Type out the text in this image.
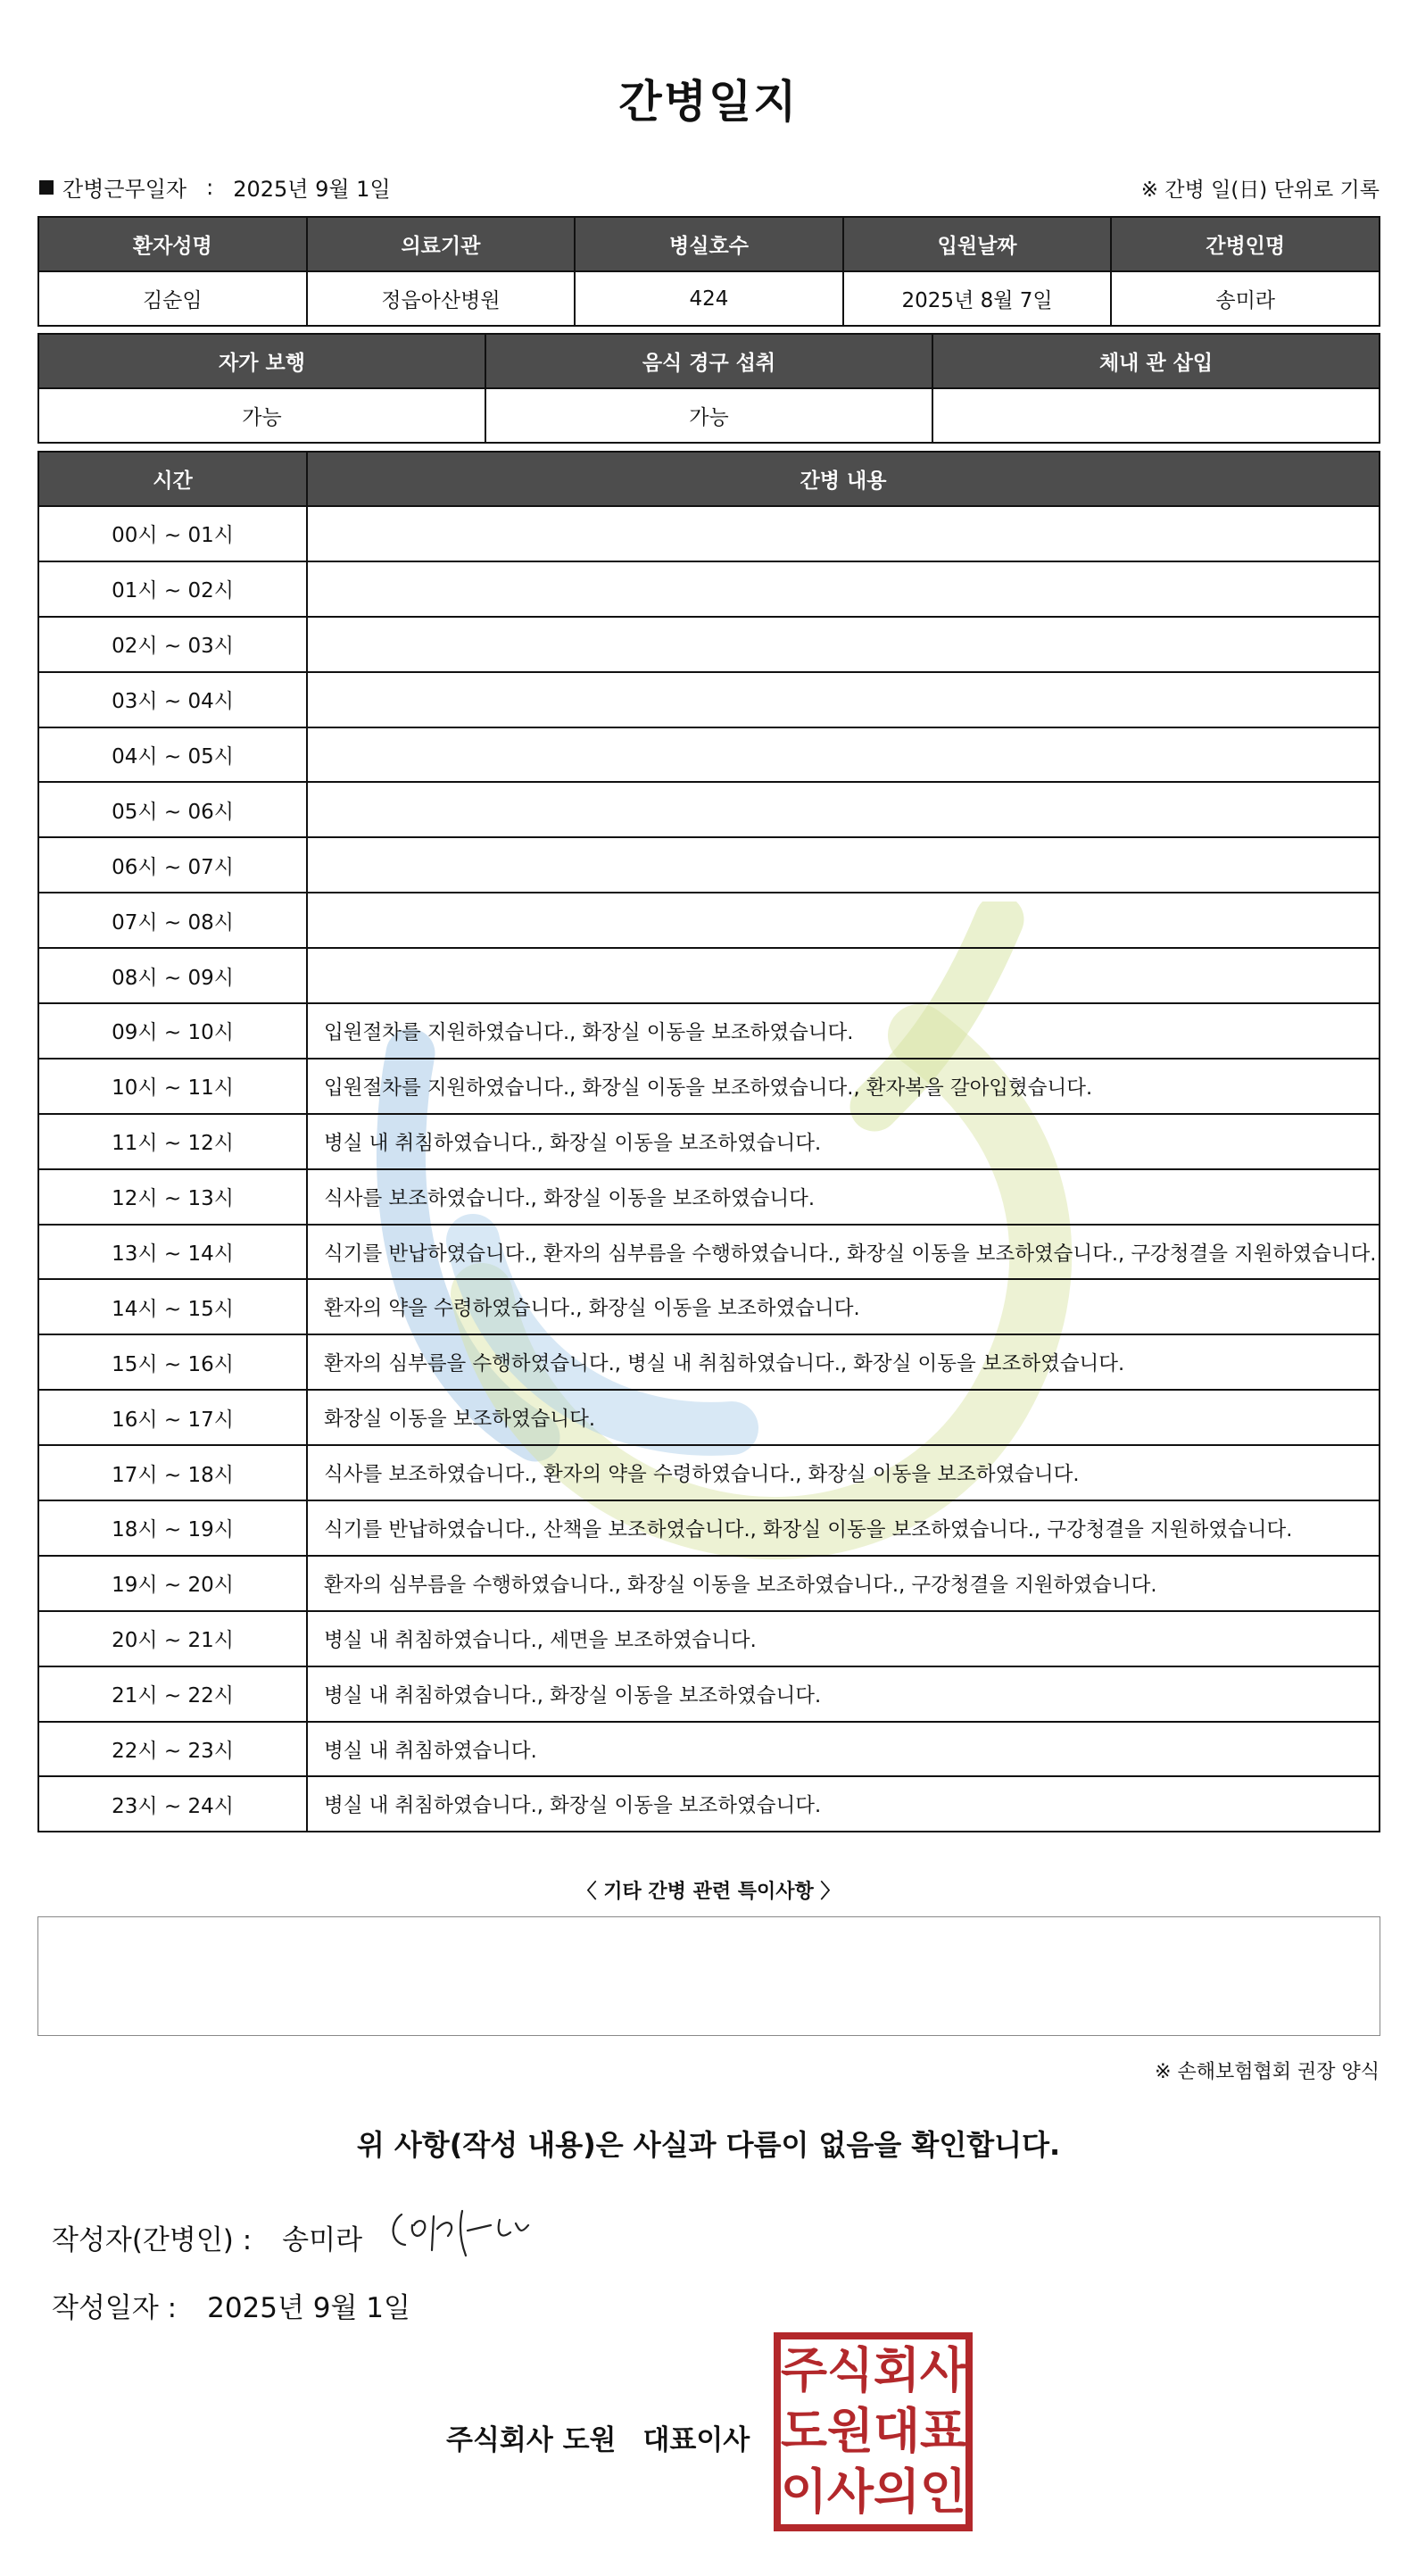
간병일지
간병근무일자 : 2025년 9월 1일	※ 간병 일(日) 단위로 기록
환자성명	의료기관	병실호수	입원날짜	간병인명
김순임	정읍아산병원	424	2025년 8월 7일	송미라
자가 보행	음식 경구 섭취	체내 관 삽입
가능	가능	
시간	간병 내용
00시 ~ 01시	
01시 ~ 02시	
02시 ~ 03시	
03시 ~ 04시	
04시 ~ 05시	
05시 ~ 06시	
06시 ~ 07시	
07시 ~ 08시	
08시 ~ 09시	
09시 ~ 10시	입원절차를 지원하였습니다., 화장실 이동을 보조하였습니다.
10시 ~ 11시	입원절차를 지원하였습니다., 화장실 이동을 보조하였습니다., 환자복을 갈아입혔습니다.
11시 ~ 12시	병실 내 취침하였습니다., 화장실 이동을 보조하였습니다.
12시 ~ 13시	식사를 보조하였습니다., 화장실 이동을 보조하였습니다.
13시 ~ 14시	식기를 반납하였습니다., 환자의 심부름을 수행하였습니다., 화장실 이동을 보조하였습니다., 구강청결을 지원하였습니다.
14시 ~ 15시	환자의 약을 수령하였습니다., 화장실 이동을 보조하였습니다.
15시 ~ 16시	환자의 심부름을 수행하였습니다., 병실 내 취침하였습니다., 화장실 이동을 보조하였습니다.
16시 ~ 17시	화장실 이동을 보조하였습니다.
17시 ~ 18시	식사를 보조하였습니다., 환자의 약을 수령하였습니다., 화장실 이동을 보조하였습니다.
18시 ~ 19시	식기를 반납하였습니다., 산책을 보조하였습니다., 화장실 이동을 보조하였습니다., 구강청결을 지원하였습니다.
19시 ~ 20시	환자의 심부름을 수행하였습니다., 화장실 이동을 보조하였습니다., 구강청결을 지원하였습니다.
20시 ~ 21시	병실 내 취침하였습니다., 세면을 보조하였습니다.
21시 ~ 22시	병실 내 취침하였습니다., 화장실 이동을 보조하였습니다.
22시 ~ 23시	병실 내 취침하였습니다.
23시 ~ 24시	병실 내 취침하였습니다., 화장실 이동을 보조하였습니다.
〈 기타 간병 관련 특이사항 〉
※ 손해보험협회 권장 양식
위 사항(작성 내용)은 사실과 다름이 없음을 확인합니다.
작성자(간병인) : 송미라
작성일자 : 2025년 9월 1일
주식회사 도원 대표이사
주 식 회 사
도 원 대 표
이 사 의 인
